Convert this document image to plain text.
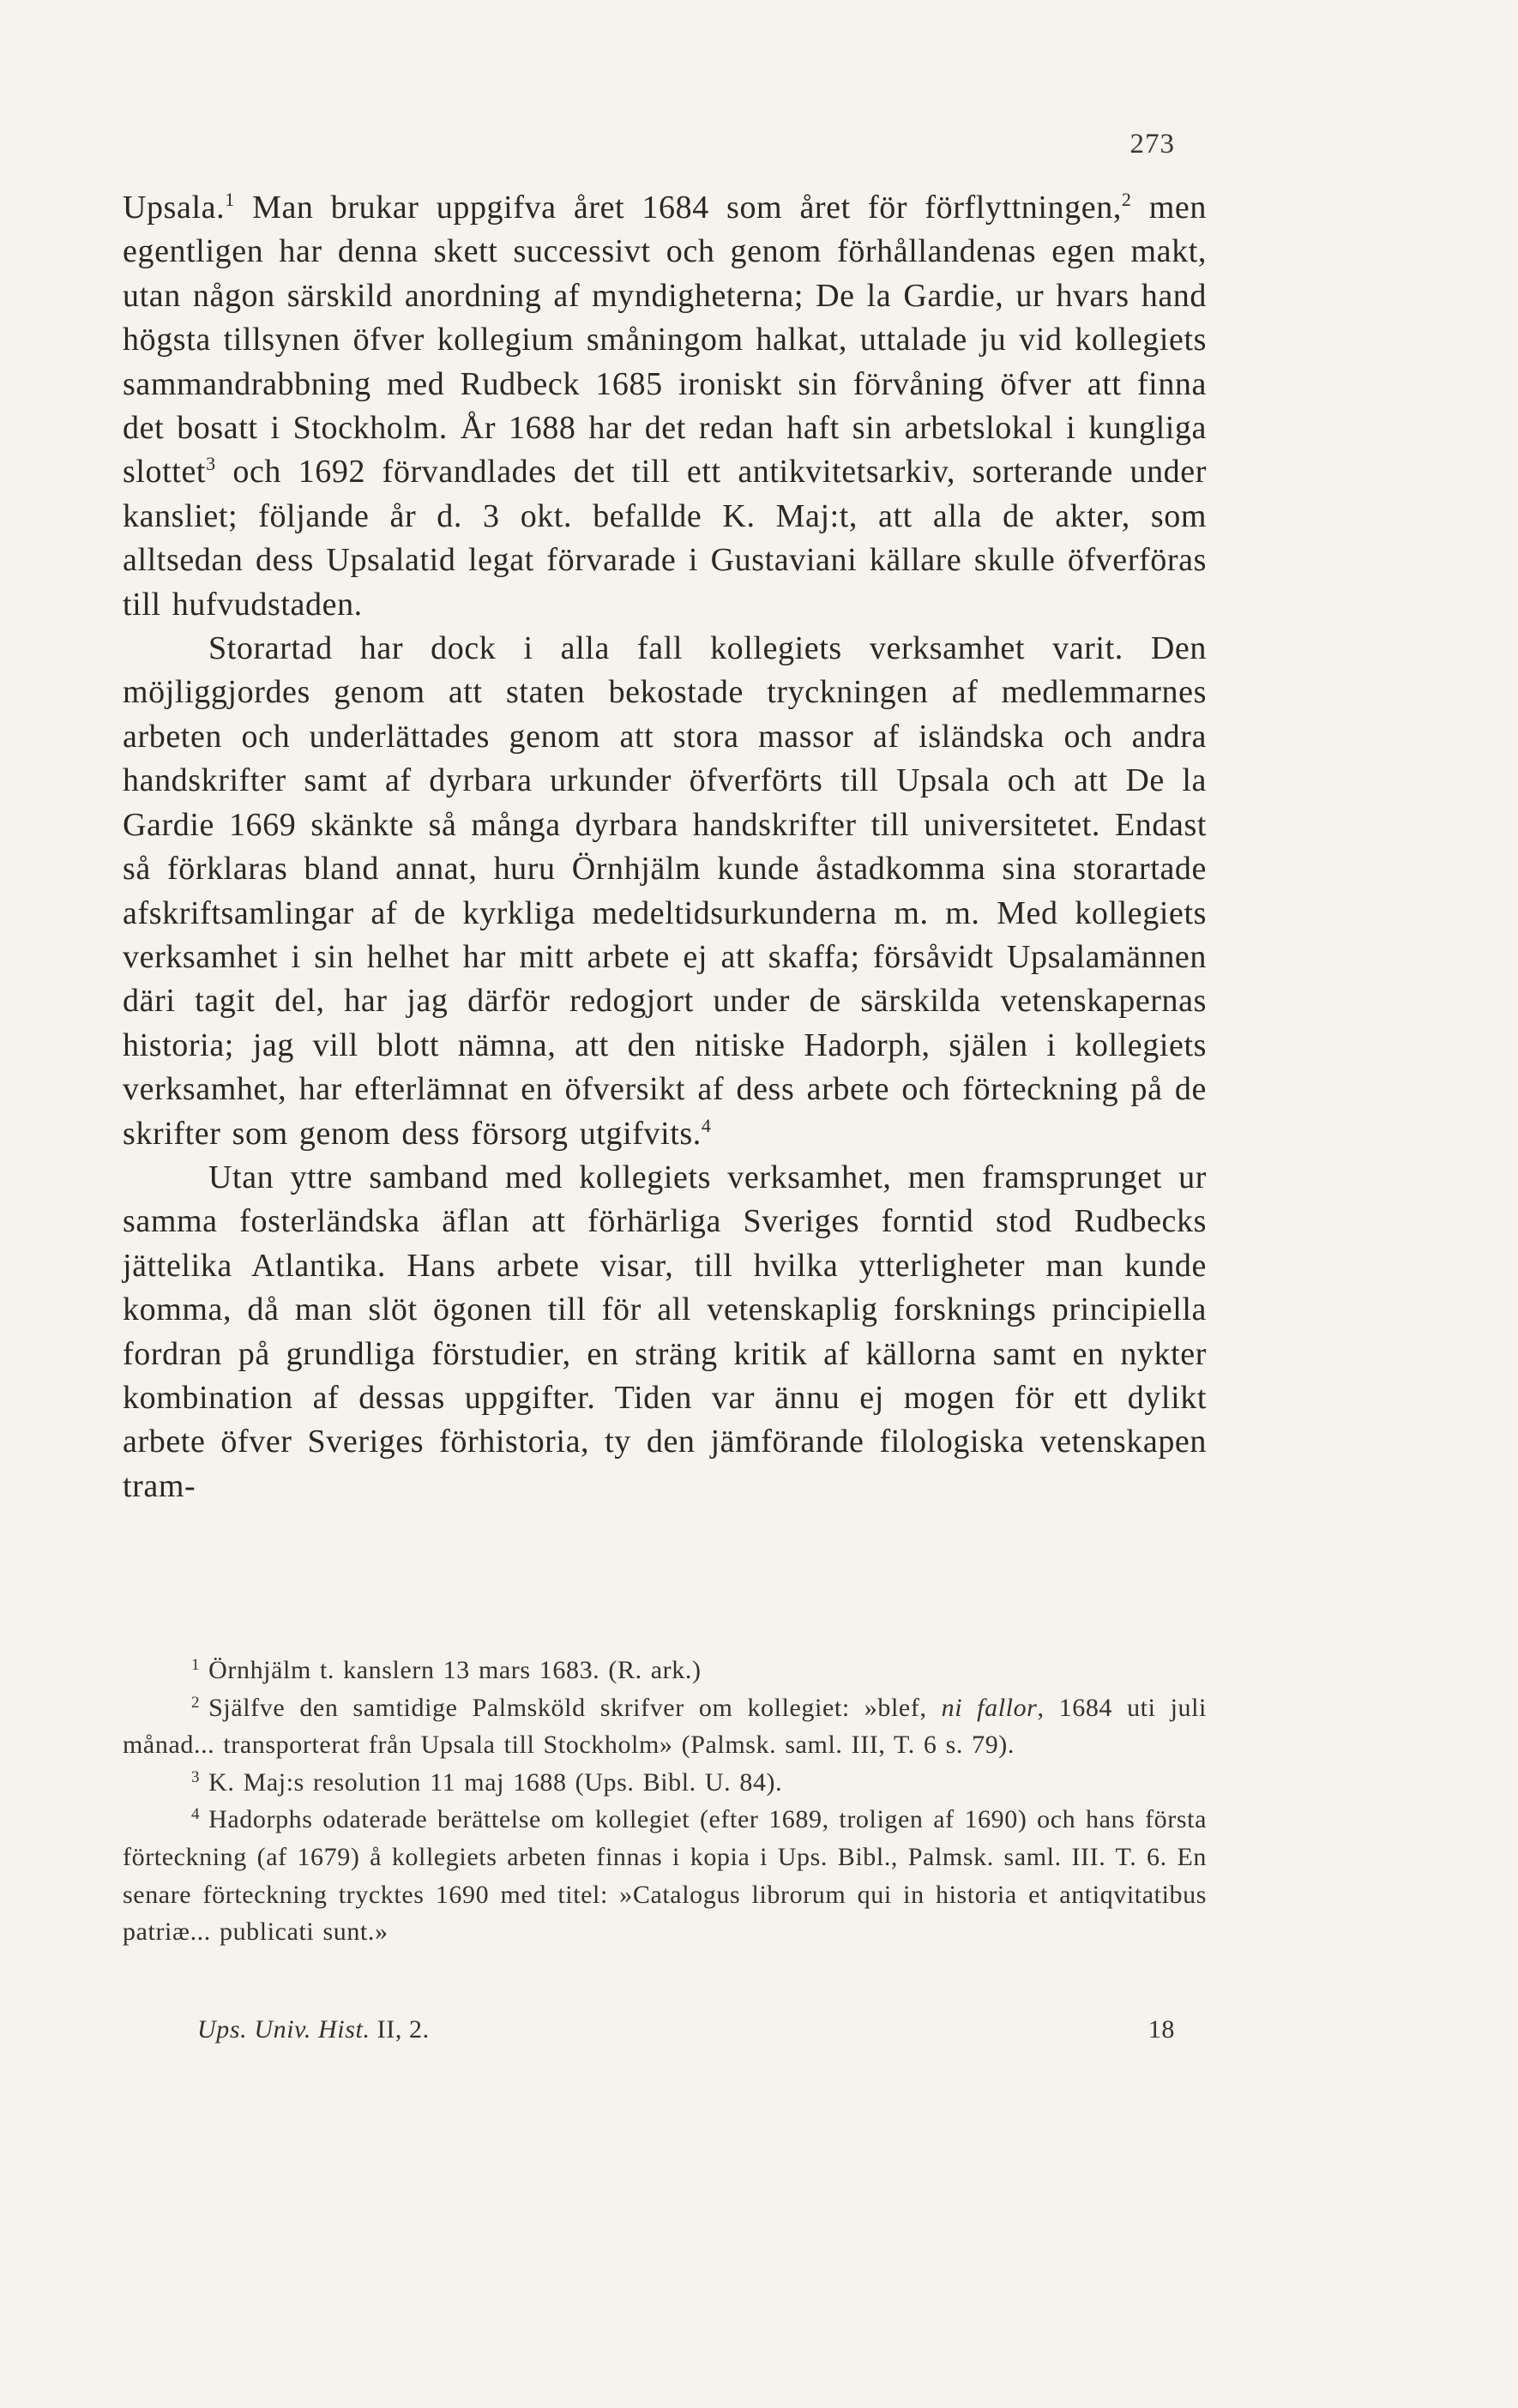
273

Upsala.$^1$ Man brukar uppgifva året 1684 som året för förflyttningen,$^2$ men egentligen har denna skett successivt och genom förhållandenas egen makt, utan någon särskild anordning af myndigheterna; De la Gardie, ur hvars hand högsta tillsynen öfver kollegium småningom halkat, uttalade ju vid kollegiets sammandrabbning med Rudbeck 1685 ironiskt sin förvåning öfver att finna det bosatt i Stockholm. År 1688 har det redan haft sin arbetslokal i kungliga slottet$^3$ och 1692 förvandlades det till ett antikvitetsarkiv, sorterande under kansliet; följande år d. 3 okt. befallde K. Maj:t, att alla de akter, som alltsedan dess Upsalatid legat förvarade i Gustaviani källare skulle öfverföras till hufvudstaden.

Storartad har dock i alla fall kollegiets verksamhet varit. Den möjliggjordes genom att staten bekostade tryckningen af medlemmarnes arbeten och underlättades genom att stora massor af isländska och andra handskrifter samt af dyrbara urkunder öfverförts till Upsala och att De la Gardie 1669 skänkte så många dyrbara handskrifter till universitetet. Endast så förklaras bland annat, huru Örnhjälm kunde åstadkomma sina storartade afskriftsamlingar af de kyrkliga medeltidsurkunderna m. m. Med kollegiets verksamhet i sin helhet har mitt arbete ej att skaffa; försåvidt Upsalamännen däri tagit del, har jag därför redogjort under de särskilda vetenskapernas historia; jag vill blott nämna, att den nitiske Hadorph, själen i kollegiets verksamhet, har efterlämnat en öfversikt af dess arbete och förteckning på de skrifter som genom dess försorg utgifvits.$^4$

Utan yttre samband med kollegiets verksamhet, men framsprunget ur samma fosterländska äflan att förhärliga Sveriges forntid stod Rudbecks jättelika Atlantika. Hans arbete visar, till hvilka ytterligheter man kunde komma, då man slöt ögonen till för all vetenskaplig forsknings principiella fordran på grundliga förstudier, en sträng kritik af källorna samt en nykter kombination af dessas uppgifter. Tiden var ännu ej mogen för ett dylikt arbete öfver Sveriges förhistoria, ty den jämförande filologiska vetenskapen tram-

$^1$ Örnhjälm t. kanslern 13 mars 1683. (R. ark.)

$^2$ Själfve den samtidige Palmsköld skrifver om kollegiet: »blef, ni fallor, 1684 uti juli månad... transporterat från Upsala till Stockholm» (Palmsk. saml. III, T. 6 s. 79).

$^3$ K. Maj:s resolution 11 maj 1688 (Ups. Bibl. U. 84).

$^4$ Hadorphs odaterade berättelse om kollegiet (efter 1689, troligen af 1690) och hans första förteckning (af 1679) å kollegiets arbeten finnas i kopia i Ups. Bibl., Palmsk. saml. III. T. 6. En senare förteckning trycktes 1690 med titel: »Catalogus librorum qui in historia et antiqvitatibus patriæ... publicati sunt.»

Ups. Univ. Hist. II, 2.	18
